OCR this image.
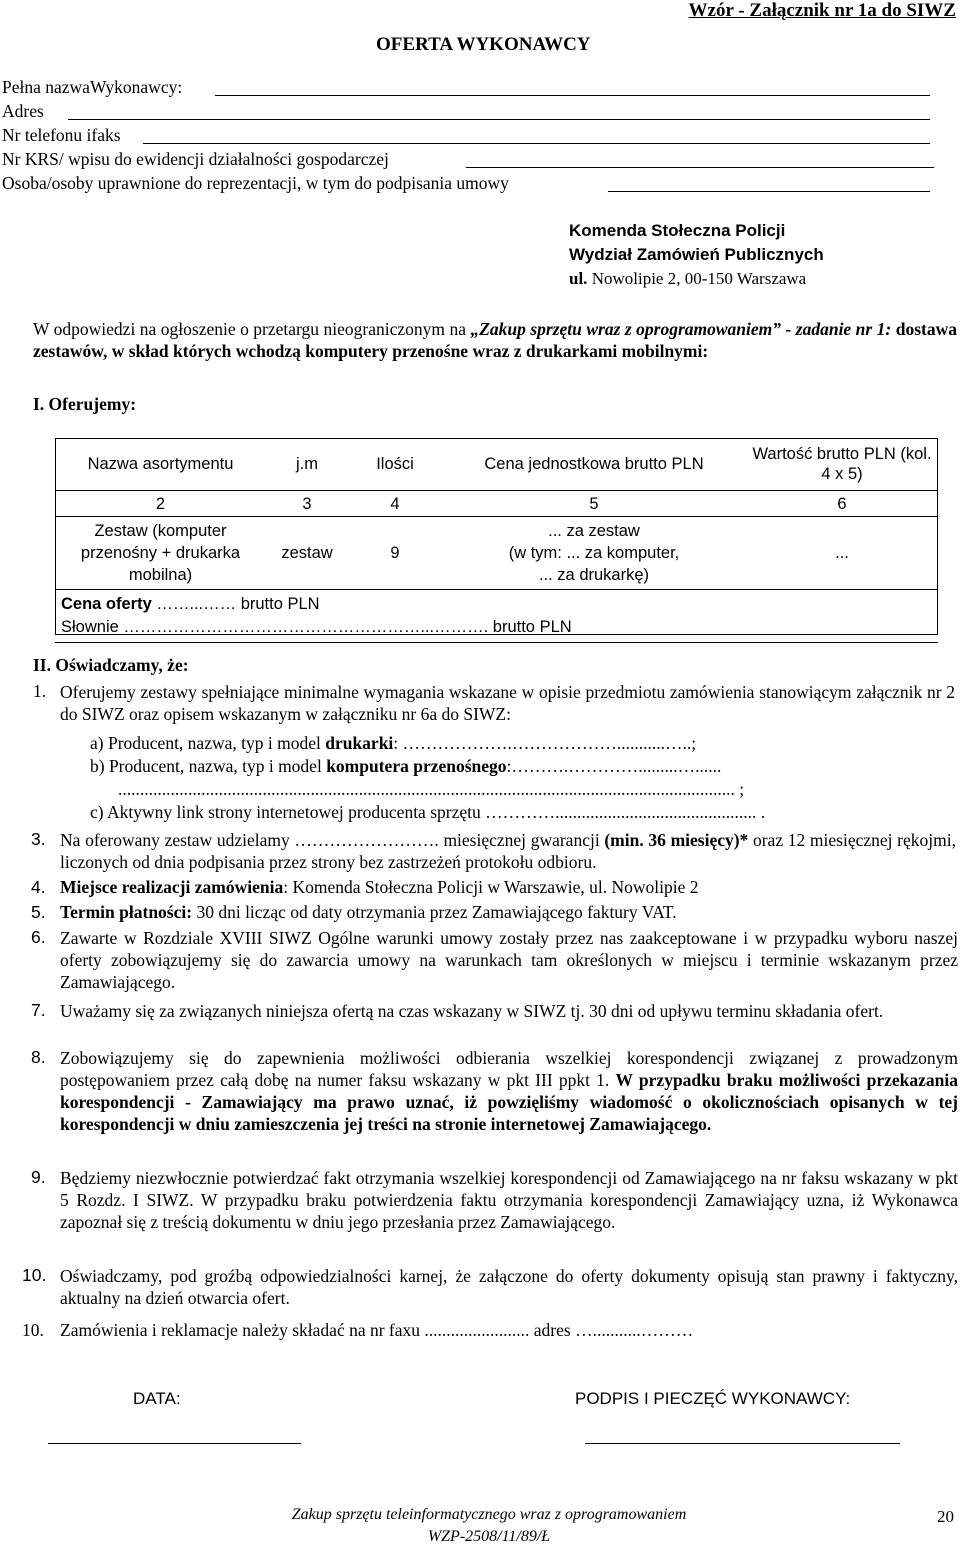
Wzór - Załącznik nr 1a do SIWZ
OFERTA WYKONAWCY
Pełna nazwaWykonawcy:
Adres
Nr telefonu ifaks
Nr KRS/ wpisu do ewidencji działalności gospodarczej
Osoba/osoby uprawnione do reprezentacji, w tym do podpisania umowy
Komenda Stołeczna Policji
Wydział Zamówień Publicznych
ul. Nowolipie 2, 00-150 Warszawa
W odpowiedzi na ogłoszenie o przetargu nieograniczonym na „Zakup sprzętu wraz z oprogramowaniem” - zadanie nr 1: dostawa zestawów, w skład których wchodzą komputery przenośne wraz z drukarkami mobilnymi:
I. Oferujemy:
Nazwa asortymentu	j.m	Ilości	Cena jednostkowa brutto PLN	Wartość brutto PLN (kol. 4 x 5)
2	3	4	5	6
Zestaw (komputer przenośny + drukarka mobilna)	zestaw	9	... za zestaw
(w tym: ... za komputer,
... za drukarkę)	...

Cena oferty ……...…… brutto PLN
Słownie ………………………………………………...………. brutto PLN				
II. Oświadczamy, że:
1. Oferujemy zestawy spełniające minimalne wymagania wskazane w opisie przedmiotu zamówienia stanowiącym załącznik nr 2 do SIWZ oraz opisem wskazanym w załączniku nr 6a do SIWZ:
a) Producent, nazwa, typ i model drukarki: ……………….………………...........…..;
b) Producent, nazwa, typ i model komputera przenośnego:……….………….........…......
............................................................................................................................................. ;
c) Aktywny link strony internetowej producenta sprzętu ………….............................................. .
3. Na oferowany zestaw udzielamy ……………………. miesięcznej gwarancji (min. 36 miesięcy)* oraz 12 miesięcznej rękojmi, liczonych od dnia podpisania przez strony bez zastrzeżeń protokołu odbioru.
4. Miejsce realizacji zamówienia: Komenda Stołeczna Policji w Warszawie, ul. Nowolipie 2
5. Termin płatności: 30 dni licząc od daty otrzymania przez Zamawiającego faktury VAT.
6. Zawarte w Rozdziale XVIII SIWZ Ogólne warunki umowy zostały przez nas zaakceptowane i w przypadku wyboru naszej oferty zobowiązujemy się do zawarcia umowy na warunkach tam określonych w miejscu i terminie wskazanym przez Zamawiającego.
7. Uważamy się za związanych niniejsza ofertą na czas wskazany w SIWZ tj. 30 dni od upływu terminu składania ofert.
8. Zobowiązujemy się do zapewnienia możliwości odbierania wszelkiej korespondencji związanej z prowadzonym postępowaniem przez całą dobę na numer faksu wskazany w pkt III ppkt 1. W przypadku braku możliwości przekazania korespondencji - Zamawiający ma prawo uznać, iż powzięliśmy wiadomość o okolicznościach opisanych w tej korespondencji w dniu zamieszczenia jej treści na stronie internetowej Zamawiającego.
9. Będziemy niezwłocznie potwierdzać fakt otrzymania wszelkiej korespondencji od Zamawiającego na nr faksu wskazany w pkt 5 Rozdz. I SIWZ. W przypadku braku potwierdzenia faktu otrzymania korespondencji Zamawiający uzna, iż Wykonawca zapoznał się z treścią dokumentu w dniu jego przesłania przez Zamawiającego.
10. Oświadczamy, pod groźbą odpowiedzialności karnej, że załączone do oferty dokumenty opisują stan prawny i faktyczny, aktualny na dzień otwarcia ofert.
10. Zamówienia i reklamacje należy składać na nr faxu ........................ adres …...........………
DATA:	PODPIS I PIECZĘĆ WYKONAWCY:
Zakup sprzętu teleinformatycznego wraz z oprogramowaniem
WZP-2508/11/89/Ł
20
